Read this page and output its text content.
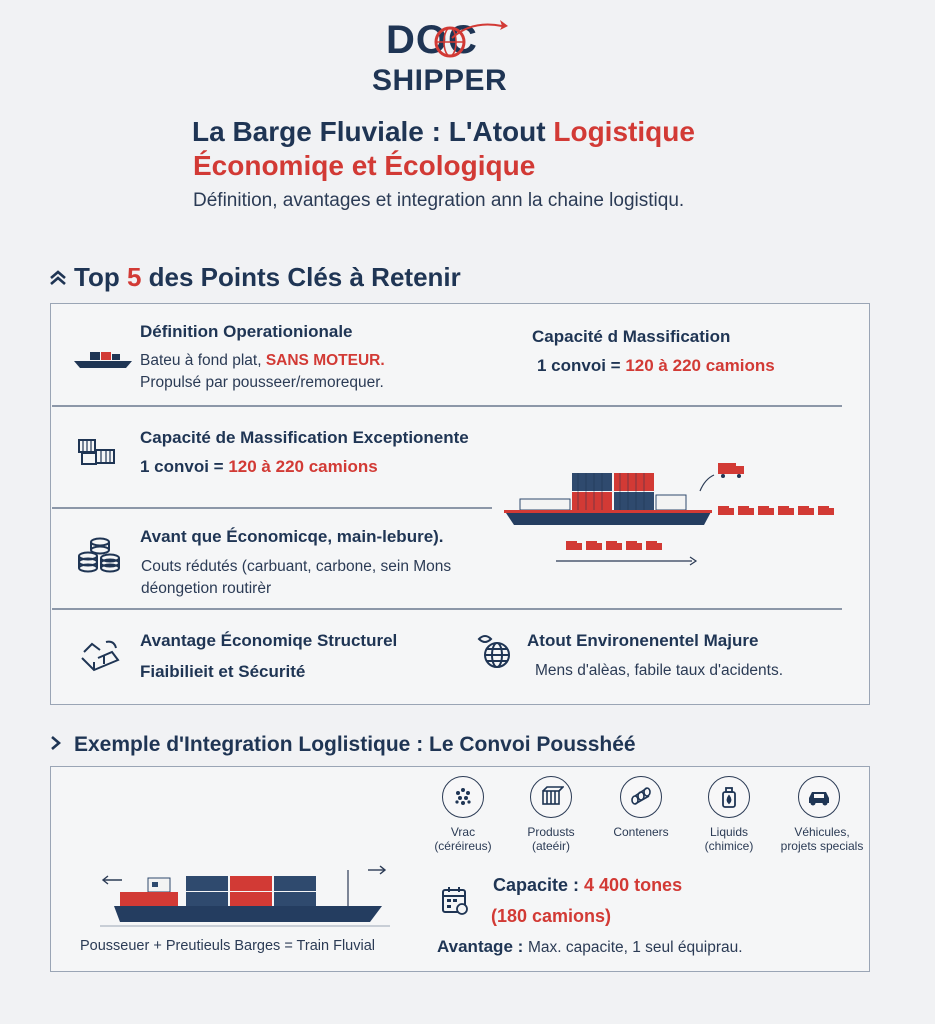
DOC
SHIPPER
La Barge Fluviale : L'Atout Logistique
Économiqe et Écologique
Définition, avantages et integration ann la chaine logistiqu.
Top 5 des Points Clés à Retenir
Définition Operationionale
Bateu à fond plat, SANS MOTEUR.
Propulsé par pousseer/remorequer.
Capacité d Massification
1 convoi = 120 à 220 camions
Capacité de Massification Exceptionente
1 convoi = 120 à 220 camions
Avant que Économicqe, main-lebure).
Couts rédutés (carbuant, carbone, sein Mons
déongetion routirèr
Avantage Économiqe Structurel
Fiaibilieit et Sécurité
Atout Environenentel Majure
Mens d'alèas, fabile taux d'acidents.
Exemple d'Integration Loglistique : Le Convoi Pousshéé
Pousseuer + Preutieuls Barges = Train Fluvial
Vrac
(céréireus)
Produsts
(ateéir)
Conteners	Liquids
(chimice)
Véhicules,
projets specials
Capacite : 4 400 tones
(180 camions)
Avantage : Max. capacite, 1 seul équiprau.
